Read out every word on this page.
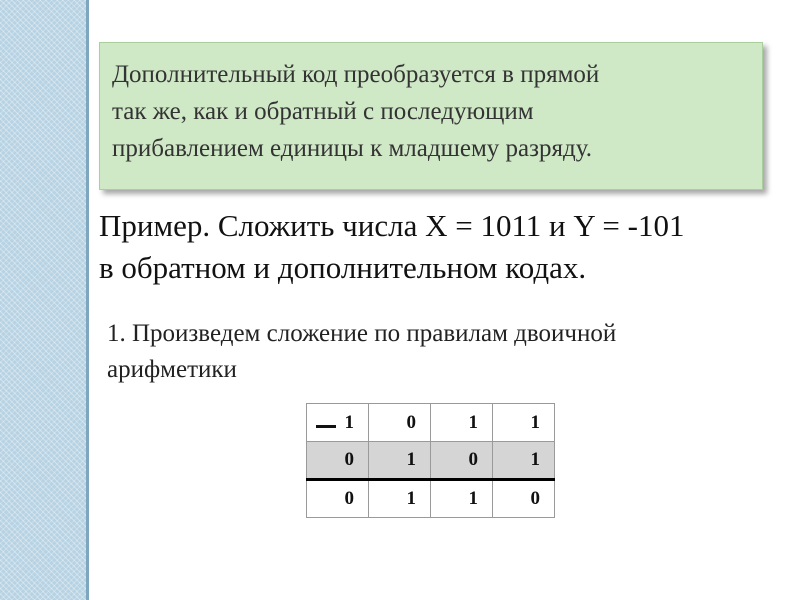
Дополнительный код преобразуется в прямой
так же, как и обратный с последующим
прибавлением единицы к младшему разряду.
Пример. Сложить числа X = 1011 и Y = -101
в обратном и дополнительном кодах.
1. Произведем сложение по правилам двоичной
арифметики
1	0	1	1
0	1	0	1
0	1	1	0
